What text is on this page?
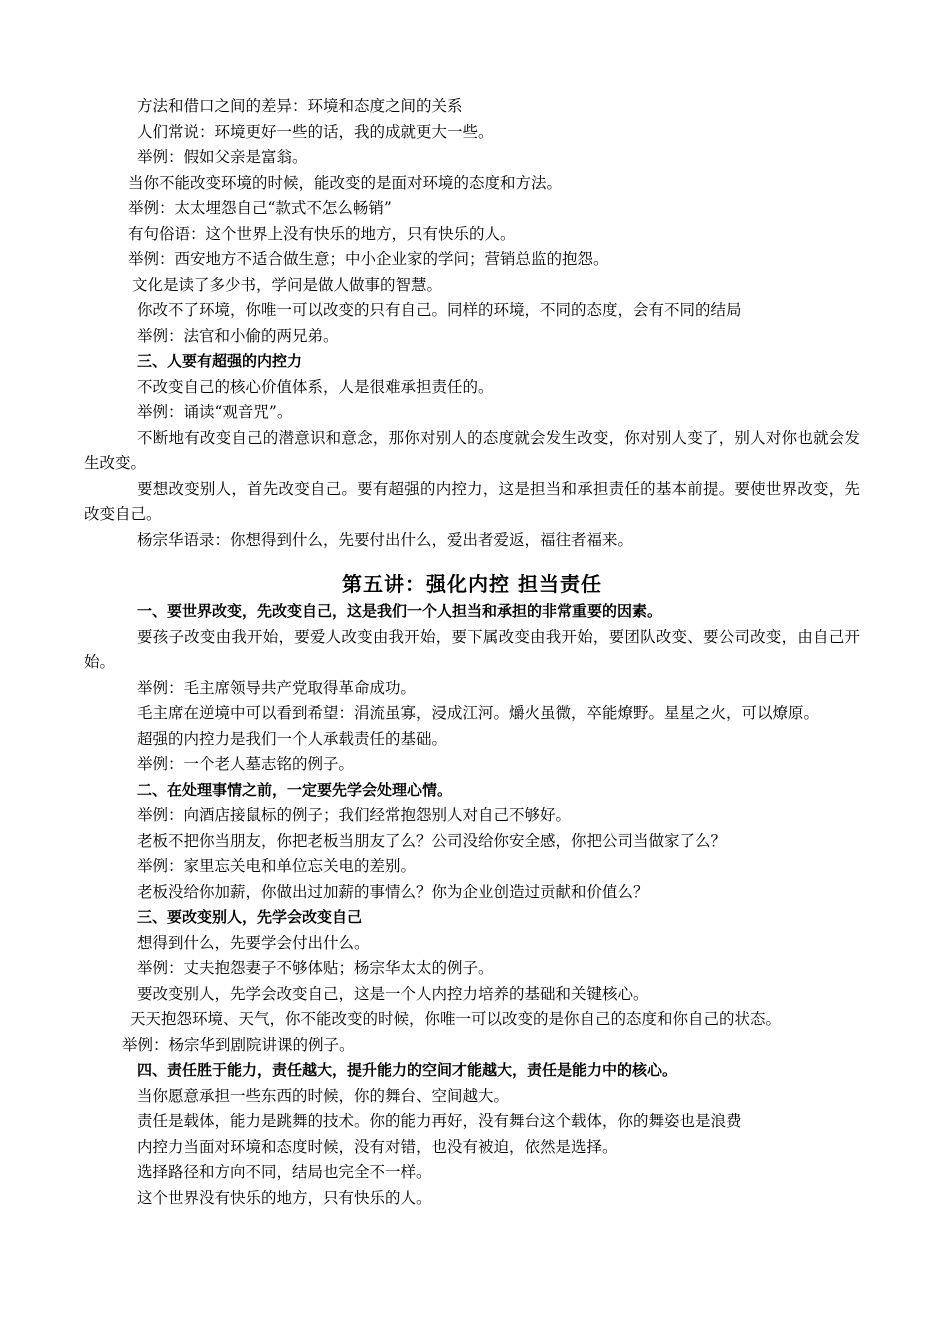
方法和借口之间的差异：环境和态度之间的关系

人们常说：环境更好一些的话，我的成就更大一些。

举例：假如父亲是富翁。

当你不能改变环境的时候，能改变的是面对环境的态度和方法。

举例：太太埋怨自己“款式不怎么畅销”

有句俗语：这个世界上没有快乐的地方，只有快乐的人。

举例：西安地方不适合做生意；中小企业家的学问；营销总监的抱怨。

文化是读了多少书，学问是做人做事的智慧。

你改不了环境，你唯一可以改变的只有自己。同样的环境，不同的态度，会有不同的结局

举例：法官和小偷的两兄弟。

三、人要有超强的内控力

不改变自己的核心价值体系，人是很难承担责任的。

举例：诵读“观音咒”。

不断地有改变自己的潜意识和意念，那你对别人的态度就会发生改变，你对别人变了，别人对你也就会发生改变。

要想改变别人，首先改变自己。要有超强的内控力，这是担当和承担责任的基本前提。要使世界改变，先改变自己。

杨宗华语录：你想得到什么，先要付出什么，爱出者爱返，福往者福来。

第五讲：强化内控 担当责任

一、要世界改变，先改变自己，这是我们一个人担当和承担的非常重要的因素。

要孩子改变由我开始，要爱人改变由我开始，要下属改变由我开始，要团队改变、要公司改变，由自己开始。

举例：毛主席领导共产党取得革命成功。

毛主席在逆境中可以看到希望：涓流虽寡，浸成江河。爝火虽微，卒能燎野。星星之火，可以燎原。

超强的内控力是我们一个人承载责任的基础。

举例：一个老人墓志铭的例子。

二、在处理事情之前，一定要先学会处理心情。

举例：向酒店接鼠标的例子；我们经常抱怨别人对自己不够好。

老板不把你当朋友，你把老板当朋友了么？公司没给你安全感，你把公司当做家了么？

举例：家里忘关电和单位忘关电的差别。

老板没给你加薪，你做出过加薪的事情么？你为企业创造过贡献和价值么？

三、要改变别人，先学会改变自己

想得到什么，先要学会付出什么。

举例：丈夫抱怨妻子不够体贴；杨宗华太太的例子。

要改变别人，先学会改变自己，这是一个人内控力培养的基础和关键核心。

天天抱怨环境、天气，你不能改变的时候，你唯一可以改变的是你自己的态度和你自己的状态。

举例：杨宗华到剧院讲课的例子。

四、责任胜于能力，责任越大，提升能力的空间才能越大，责任是能力中的核心。

当你愿意承担一些东西的时候，你的舞台、空间越大。

责任是载体，能力是跳舞的技术。你的能力再好，没有舞台这个载体，你的舞姿也是浪费

内控力当面对环境和态度时候，没有对错，也没有被迫，依然是选择。

选择路径和方向不同，结局也完全不一样。

这个世界没有快乐的地方，只有快乐的人。
